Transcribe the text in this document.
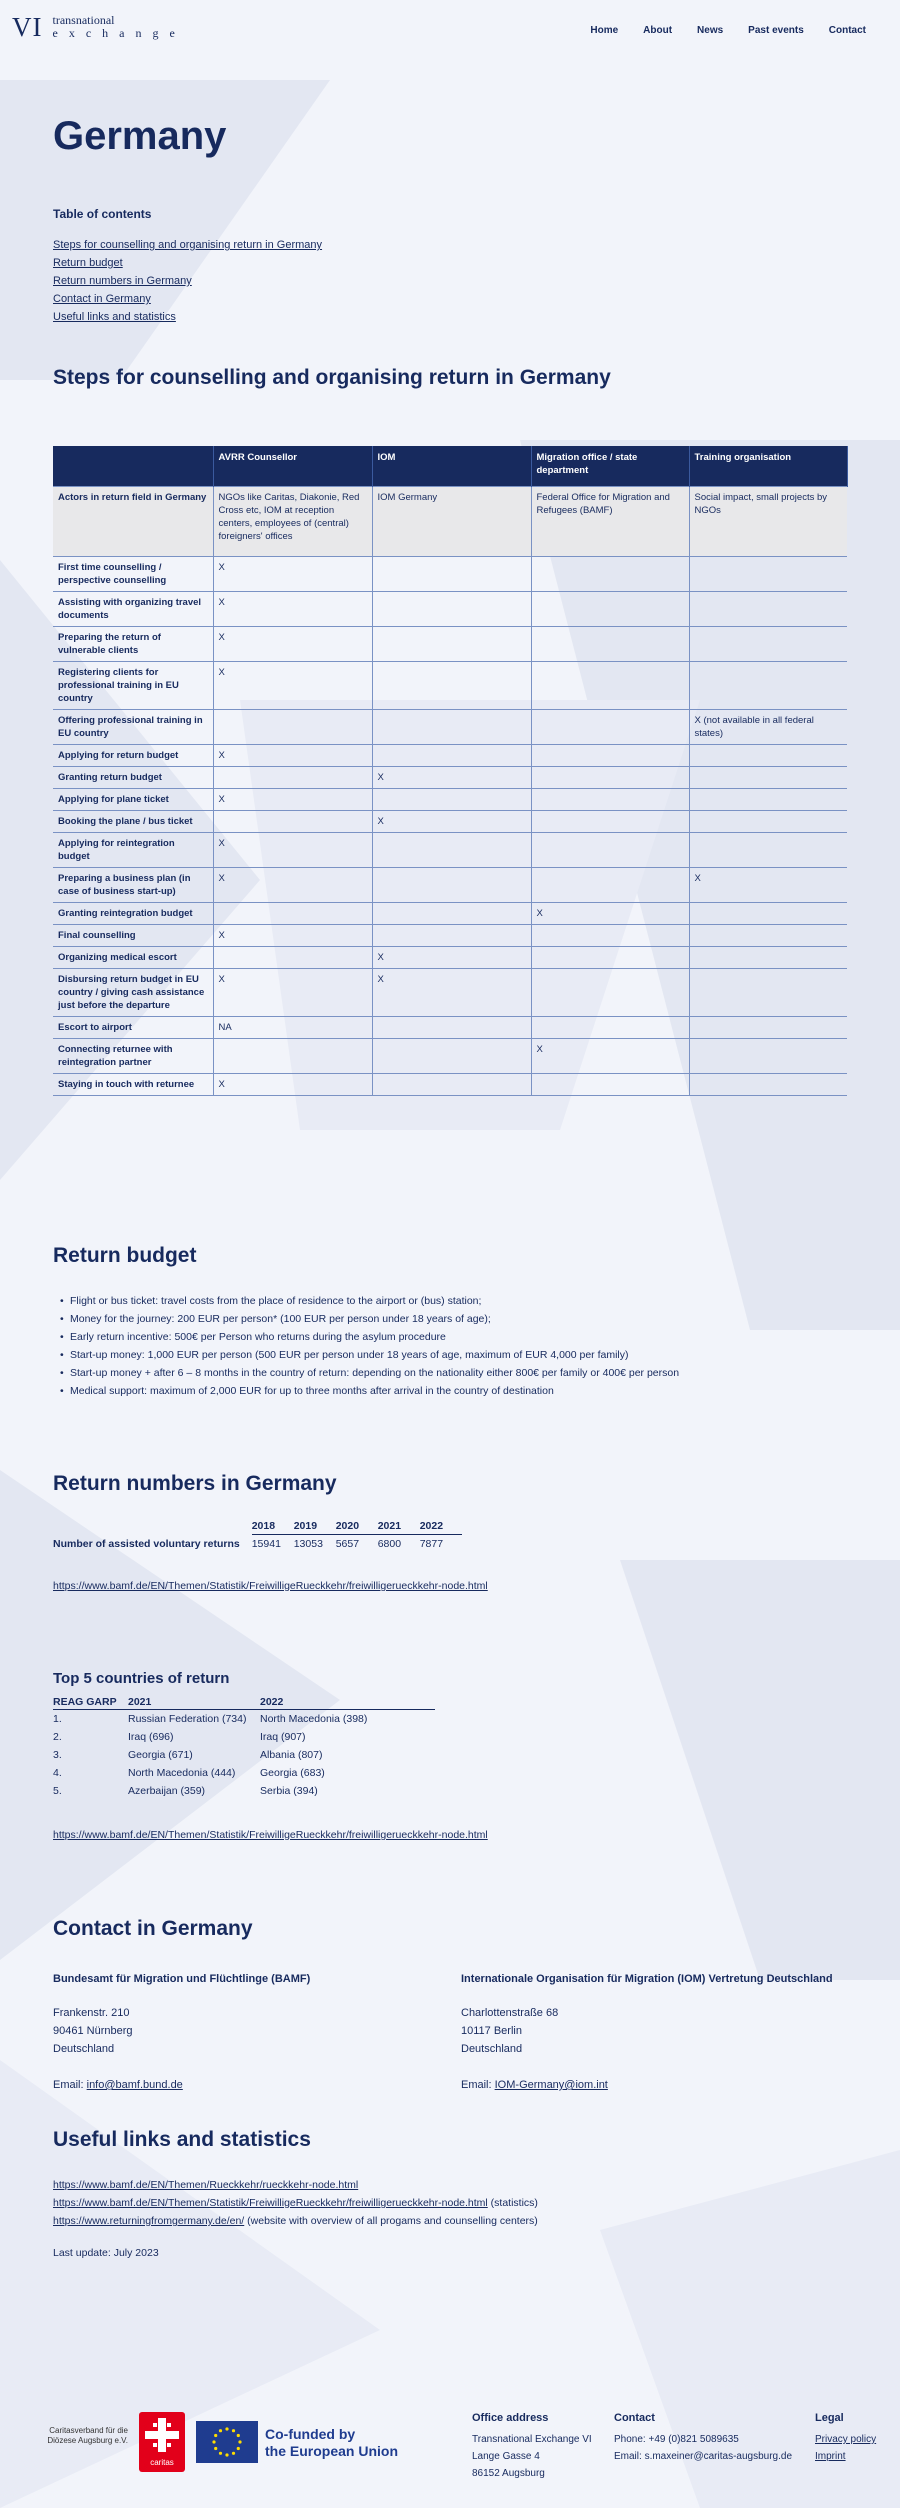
VI transnational
exchange	Home	About	News	Past events	Contact
Germany
Table of contents
Steps for counselling and organising return in Germany
Return budget
Return numbers in Germany
Contact in Germany
Useful links and statistics
Steps for counselling and organising return in Germany
	AVRR Counsellor	IOM	Migration office / state department	Training organisation
Actors in return field in Germany	NGOs like Caritas, Diakonie, Red Cross etc, IOM at reception centers, employees of (central) foreigners' offices	IOM Germany	Federal Office for Migration and Refugees (BAMF)	Social impact, small projects by NGOs
First time counselling / perspective counselling	X			
Assisting with organizing travel documents	X			
Preparing the return of vulnerable clients	X			
Registering clients for professional training in EU country	X			
Offering professional training in EU country				X (not available in all federal states)
Applying for return budget	X			
Granting return budget		X		
Applying for plane ticket	X			
Booking the plane / bus ticket		X		
Applying for reintegration budget	X			
Preparing a business plan (in case of business start-up)	X			X
Granting reintegration budget			X	
Final counselling	X			
Organizing medical escort		X		
Disbursing return budget in EU country / giving cash assistance just before the departure	X	X		
Escort to airport	NA			
Connecting returnee with reintegration partner			X	
Staying in touch with returnee	X			
Return budget
• Flight or bus ticket: travel costs from the place of residence to the airport or (bus) station;
• Money for the journey: 200 EUR per person* (100 EUR per person under 18 years of age);
• Early return incentive: 500€ per Person who returns during the asylum procedure
• Start-up money: 1,000 EUR per person (500 EUR per person under 18 years of age, maximum of EUR 4,000 per family)
• Start-up money + after 6 – 8 months in the country of return: depending on the nationality either 800€ per family or 400€ per person
• Medical support: maximum of 2,000 EUR for up to three months after arrival in the country of destination
Return numbers in Germany
	2018	2019	2020	2021	2022
Number of assisted voluntary returns	15941	13053	5657	6800	7877
https://www.bamf.de/EN/Themen/Statistik/FreiwilligeRueckkehr/freiwilligerueckkehr-node.html
Top 5 countries of return
REAG GARP	2021	2022
1.	Russian Federation (734)	North Macedonia (398)
2.	Iraq (696)	Iraq (907)
3.	Georgia (671)	Albania (807)
4.	North Macedonia (444)	Georgia (683)
5.	Azerbaijan (359)	Serbia (394)
https://www.bamf.de/EN/Themen/Statistik/FreiwilligeRueckkehr/freiwilligerueckkehr-node.html
Contact in Germany
Bundesamt für Migration und Flüchtlinge (BAMF)
Frankenstr. 210
90461 Nürnberg
Deutschland
Email: info@bamf.bund.de
Internationale Organisation für Migration (IOM) Vertretung Deutschland
Charlottenstraße 68
10117 Berlin
Deutschland
Email: IOM-Germany@iom.int
Useful links and statistics
https://www.bamf.de/EN/Themen/Rueckkehr/rueckkehr-node.html
https://www.bamf.de/EN/Themen/Statistik/FreiwilligeRueckkehr/freiwilligerueckkehr-node.html (statistics)
https://www.returningfromgermany.de/en/ (website with overview of all progams and counselling centers)
Last update: July 2023
Caritasverband für die Diözese Augsburg e.V.
caritas
Co-funded by
the European Union
Office address
Transnational Exchange VI
Lange Gasse 4
86152 Augsburg
Contact
Phone: +49 (0)821 5089635
Email: s.maxeiner@caritas-augsburg.de
Legal
Privacy policy
Imprint
